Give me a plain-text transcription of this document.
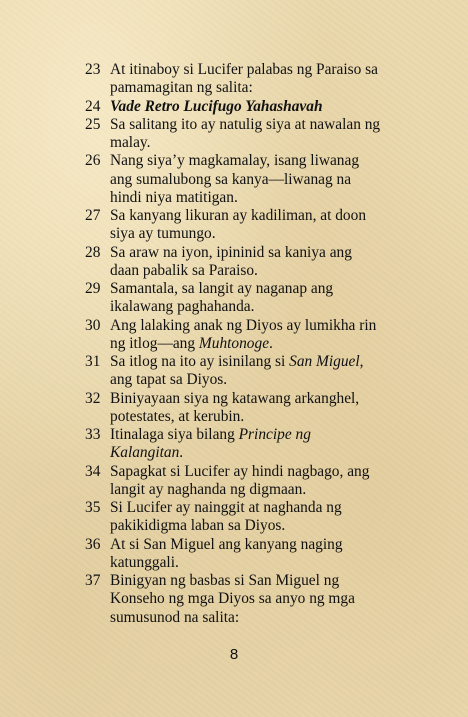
23 At itinaboy si Lucifer palabas ng Paraiso sa pamamagitan ng salita:
24 Vade Retro Lucifugo Yahashavah
25 Sa salitang ito ay natulig siya at nawalan ng malay.
26 Nang siya’y magkamalay, isang liwanag ang sumalubong sa kanya—liwanag na hindi niya matitigan.
27 Sa kanyang likuran ay kadiliman, at doon siya ay tumungo.
28 Sa araw na iyon, ipininid sa kaniya ang daan pabalik sa Paraiso.
29 Samantala, sa langit ay naganap ang ikalawang paghahanda.
30 Ang lalaking anak ng Diyos ay lumikha rin ng itlog—ang Muhtonoge.
31 Sa itlog na ito ay isinilang si San Miguel, ang tapat sa Diyos.
32 Biniyayaan siya ng katawang arkanghel, potestates, at kerubin.
33 Itinalaga siya bilang Principe ng Kalangitan.
34 Sapagkat si Lucifer ay hindi nagbago, ang langit ay naghanda ng digmaan.
35 Si Lucifer ay nainggit at naghanda ng pakikidigma laban sa Diyos.
36 At si San Miguel ang kanyang naging katunggali.
37 Binigyan ng basbas si San Miguel ng Konseho ng mga Diyos sa anyo ng mga sumusunod na salita:
8
